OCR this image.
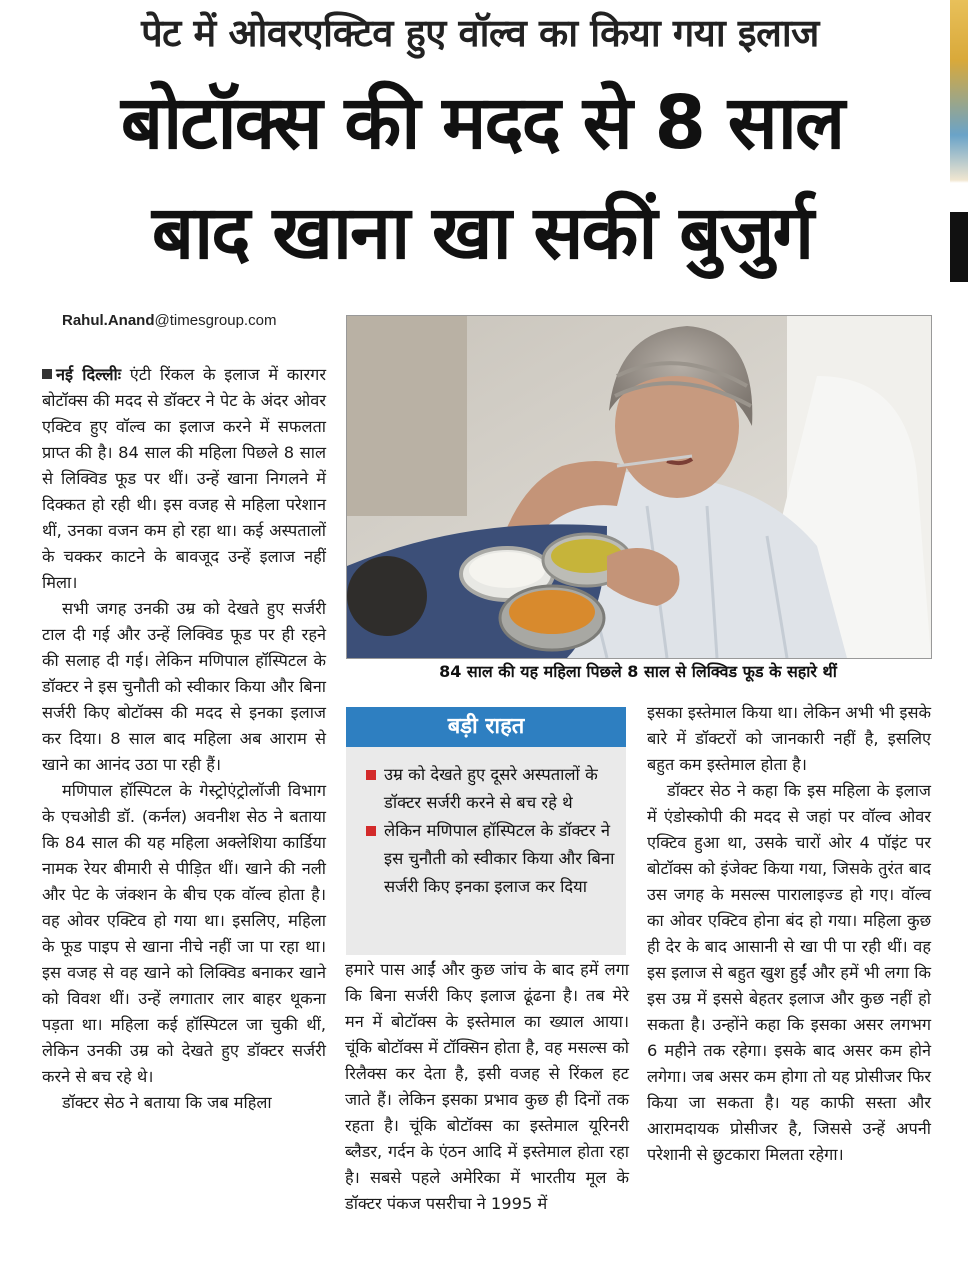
पेट में ओवरएक्टिव हुए वॉल्व का किया गया इलाज
बोटॉक्स की मदद से 8 साल
बाद खाना खा सकीं बुजुर्ग
Rahul.Anand@timesgroup.com

नई दिल्लीः एंटी रिंकल के इलाज में कारगर बोटॉक्स की मदद से डॉक्टर ने पेट के अंदर ओवर एक्टिव हुए वॉल्व का इलाज करने में सफलता प्राप्त की है। 84 साल की महिला पिछले 8 साल से लिक्विड फूड पर थीं। उन्हें खाना निगलने में दिक्कत हो रही थी। इस वजह से महिला परेशान थीं, उनका वजन कम हो रहा था। कई अस्पतालों के चक्कर काटने के बावजूद उन्हें इलाज नहीं मिला।

सभी जगह उनकी उम्र को देखते हुए सर्जरी टाल दी गई और उन्हें लिक्विड फूड पर ही रहने की सलाह दी गई। लेकिन मणिपाल हॉस्पिटल के डॉक्टर ने इस चुनौती को स्वीकार किया और बिना सर्जरी किए बोटॉक्स की मदद से इनका इलाज कर दिया। 8 साल बाद महिला अब आराम से खाने का आनंद उठा पा रही हैं।

मणिपाल हॉस्पिटल के गेस्ट्रोएंट्रोलॉजी विभाग के एचओडी डॉ. (कर्नल) अवनीश सेठ ने बताया कि 84 साल की यह महिला अक्लेशिया कार्डिया नामक रेयर बीमारी से पीड़ित थीं। खाने की नली और पेट के जंक्शन के बीच एक वॉल्व होता है। वह ओवर एक्टिव हो गया था। इसलिए, महिला के फूड पाइप से खाना नीचे नहीं जा पा रहा था। इस वजह से वह खाने को लिक्विड बनाकर खाने को विवश थीं। उन्हें लगातार लार बाहर थूकना पड़ता था। महिला कई हॉस्पिटल जा चुकी थीं, लेकिन उनकी उम्र को देखते हुए डॉक्टर सर्जरी करने से बच रहे थे।

डॉक्टर सेठ ने बताया कि जब महिला

84 साल की यह महिला पिछले 8 साल से लिक्विड फूड के सहारे थीं
बड़ी राहत
उम्र को देखते हुए दूसरे अस्पतालों के डॉक्टर सर्जरी करने से बच रहे थे
लेकिन मणिपाल हॉस्पिटल के डॉक्टर ने इस चुनौती को स्वीकार किया और बिना सर्जरी किए इनका इलाज कर दिया

हमारे पास आईं और कुछ जांच के बाद हमें लगा कि बिना सर्जरी किए इलाज ढूंढना है। तब मेरे मन में बोटॉक्स के इस्तेमाल का ख्याल आया। चूंकि बोटॉक्स में टॉक्सिन होता है, वह मसल्स को रिलैक्स कर देता है, इसी वजह से रिंकल हट जाते हैं। लेकिन इसका प्रभाव कुछ ही दिनों तक रहता है। चूंकि बोटॉक्स का इस्तेमाल यूरिनरी ब्लैडर, गर्दन के एंठन आदि में इस्तेमाल होता रहा है। सबसे पहले अमेरिका में भारतीय मूल के डॉक्टर पंकज पसरीचा ने 1995 में

इसका इस्तेमाल किया था। लेकिन अभी भी इसके बारे में डॉक्टरों को जानकारी नहीं है, इसलिए बहुत कम इस्तेमाल होता है।

डॉक्टर सेठ ने कहा कि इस महिला के इलाज में एंडोस्कोपी की मदद से जहां पर वॉल्व ओवर एक्टिव हुआ था, उसके चारों ओर 4 पॉइंट पर बोटॉक्स को इंजेक्ट किया गया, जिसके तुरंत बाद उस जगह के मसल्स पारालाइज्ड हो गए। वॉल्व का ओवर एक्टिव होना बंद हो गया। महिला कुछ ही देर के बाद आसानी से खा पी पा रही थीं। वह इस इलाज से बहुत खुश हुईं और हमें भी लगा कि इस उम्र में इससे बेहतर इलाज और कुछ नहीं हो सकता है। उन्होंने कहा कि इसका असर लगभग 6 महीने तक रहेगा। इसके बाद असर कम होने लगेगा। जब असर कम होगा तो यह प्रोसीजर फिर किया जा सकता है। यह काफी सस्ता और आरामदायक प्रोसीजर है, जिससे उन्हें अपनी परेशानी से छुटकारा मिलता रहेगा।
